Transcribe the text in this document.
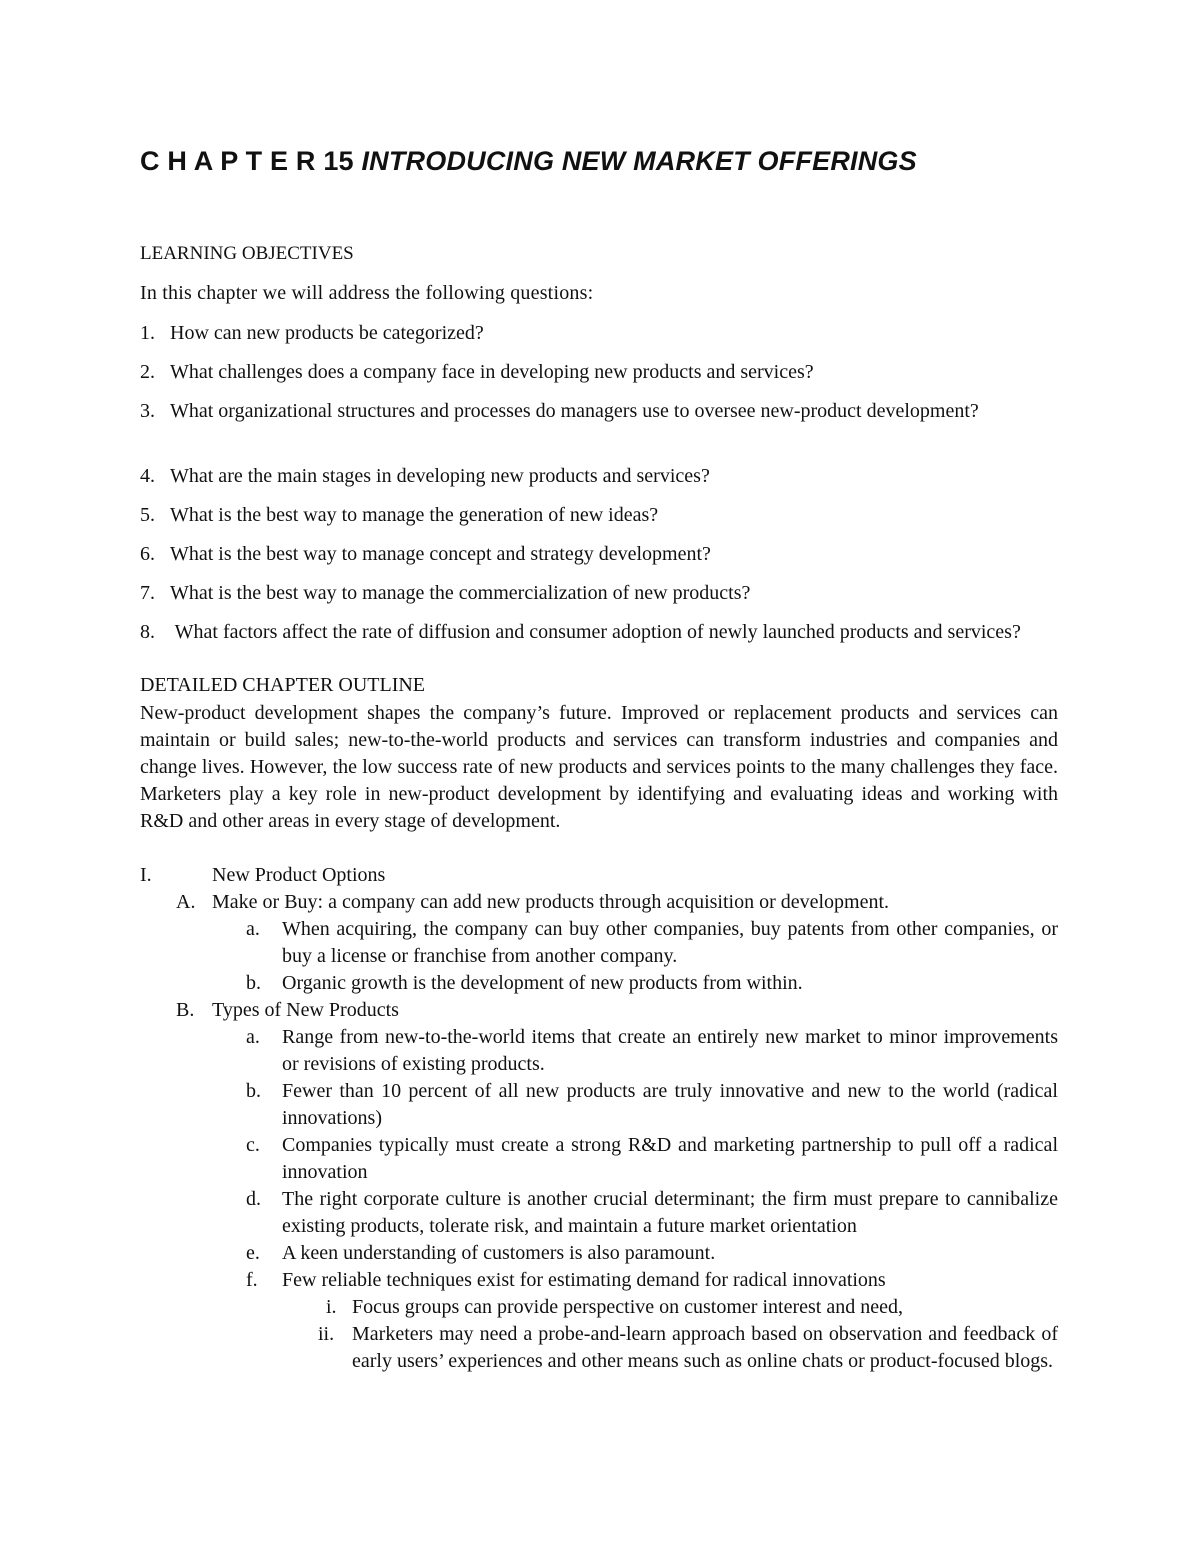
C H A P T E R 15 INTRODUCING NEW MARKET OFFERINGS

LEARNING OBJECTIVES

In this chapter we will address the following questions:

1. How can new products be categorized?

2. What challenges does a company face in developing new products and services?

3. What organizational structures and processes do managers use to oversee new-product development?

4. What are the main stages in developing new products and services?

5. What is the best way to manage the generation of new ideas?

6. What is the best way to manage concept and strategy development?

7. What is the best way to manage the commercialization of new products?

8. What factors affect the rate of diffusion and consumer adoption of newly launched products and services?

DETAILED CHAPTER OUTLINE

New-product development shapes the company’s future. Improved or replacement products and services can maintain or build sales; new-to-the-world products and services can transform industries and companies and change lives. However, the low success rate of new products and services points to the many challenges they face. Marketers play a key role in new-product development by identifying and evaluating ideas and working with R&D and other areas in every stage of development.

I.	New Product Options
A. Make or Buy: a company can add new products through acquisition or development.
a. When acquiring, the company can buy other companies, buy patents from other companies, or buy a license or franchise from another company.
b. Organic growth is the development of new products from within.
B. Types of New Products
a. Range from new-to-the-world items that create an entirely new market to minor improvements or revisions of existing products.
b. Fewer than 10 percent of all new products are truly innovative and new to the world (radical innovations)
c. Companies typically must create a strong R&D and marketing partnership to pull off a radical innovation
d. The right corporate culture is another crucial determinant; the firm must prepare to cannibalize existing products, tolerate risk, and maintain a future market orientation
e. A keen understanding of customers is also paramount.
f. Few reliable techniques exist for estimating demand for radical innovations
i. Focus groups can provide perspective on customer interest and need,
ii. Marketers may need a probe-and-learn approach based on observation and feedback of early users’ experiences and other means such as online chats or product-focused blogs.
